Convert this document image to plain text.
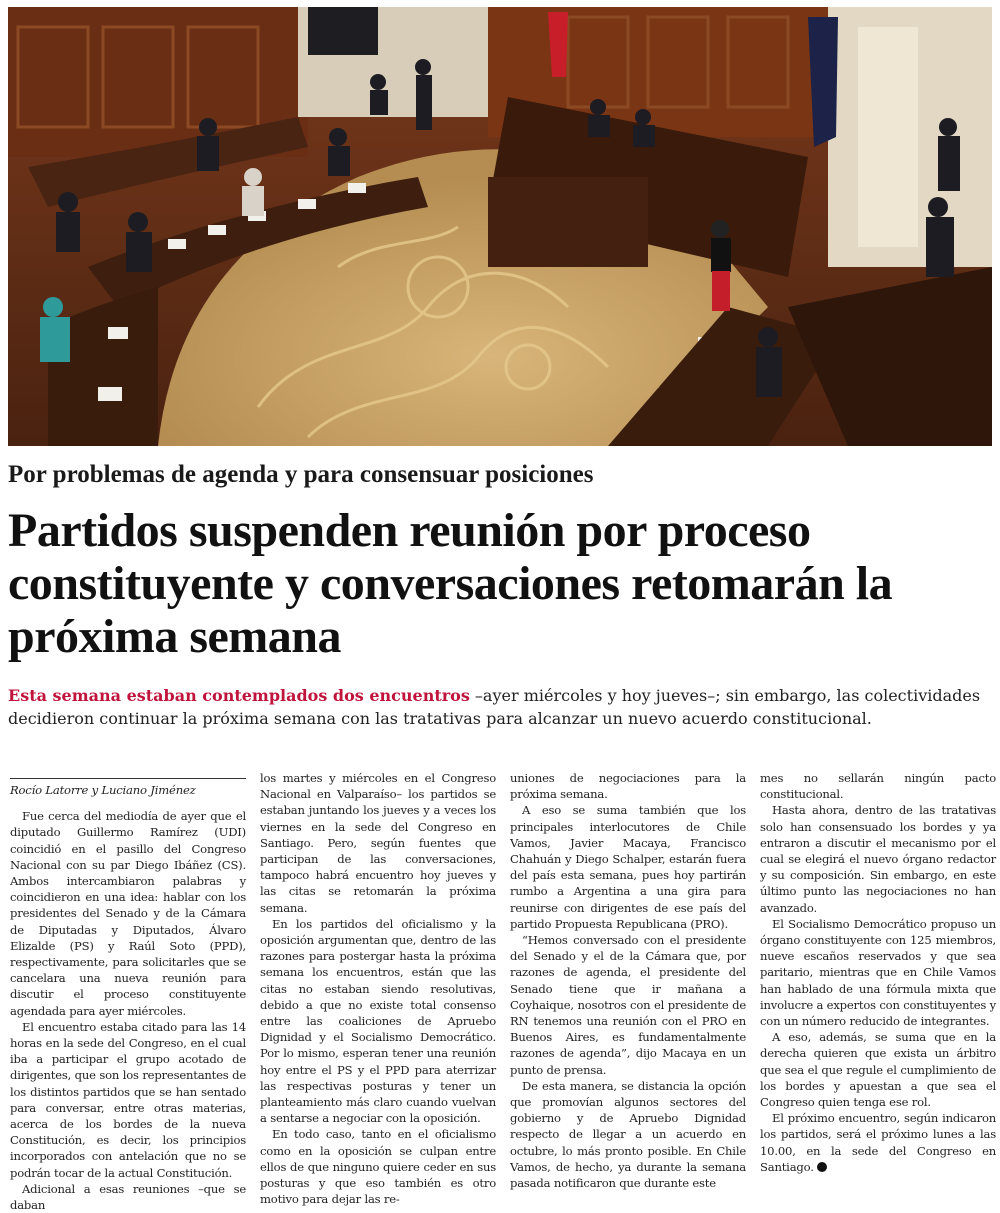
Por problemas de agenda y para consensuar posiciones
Partidos suspenden reunión por proceso constituyente y conversaciones retomarán la próxima semana
Esta semana estaban contemplados dos encuentros –ayer miércoles y hoy jueves–; sin embargo, las colectividades decidieron continuar la próxima semana con las tratativas para alcanzar un nuevo acuerdo constitucional.

Rocío Latorre y Luciano Jiménez

Fue cerca del mediodía de ayer que el diputado Guillermo Ramírez (UDI) coincidió en el pasillo del Congreso Nacional con su par Diego Ibáñez (CS). Ambos intercambiaron palabras y coincidieron en una idea: hablar con los presidentes del Senado y de la Cámara de Diputadas y Diputados, Álvaro Elizalde (PS) y Raúl Soto (PPD), respectivamente, para solicitarles que se cancelara una nueva reunión para discutir el proceso constituyente agendada para ayer miércoles.

El encuentro estaba citado para las 14 horas en la sede del Congreso, en el cual iba a participar el grupo acotado de dirigentes, que son los representantes de los distintos partidos que se han sentado para conversar, entre otras materias, acerca de los bordes de la nueva Constitución, es decir, los principios incorporados con antelación que no se podrán tocar de la actual Constitución.

Adicional a esas reuniones –que se daban

los martes y miércoles en el Congreso Nacional en Valparaíso– los partidos se estaban juntando los jueves y a veces los viernes en la sede del Congreso en Santiago. Pero, según fuentes que participan de las conversaciones, tampoco habrá encuentro hoy jueves y las citas se retomarán la próxima semana.

En los partidos del oficialismo y la oposición argumentan que, dentro de las razones para postergar hasta la próxima semana los encuentros, están que las citas no estaban siendo resolutivas, debido a que no existe total consenso entre las coaliciones de Apruebo Dignidad y el Socialismo Democrático. Por lo mismo, esperan tener una reunión hoy entre el PS y el PPD para aterrizar las respectivas posturas y tener un planteamiento más claro cuando vuelvan a sentarse a negociar con la oposición.

En todo caso, tanto en el oficialismo como en la oposición se culpan entre ellos de que ninguno quiere ceder en sus posturas y que eso también es otro motivo para dejar las re-

uniones de negociaciones para la próxima semana.

A eso se suma también que los principales interlocutores de Chile Vamos, Javier Macaya, Francisco Chahuán y Diego Schalper, estarán fuera del país esta semana, pues hoy partirán rumbo a Argentina a una gira para reunirse con dirigentes de ese país del partido Propuesta Republicana (PRO).

“Hemos conversado con el presidente del Senado y el de la Cámara que, por razones de agenda, el presidente del Senado tiene que ir mañana a Coyhaique, nosotros con el presidente de RN tenemos una reunión con el PRO en Buenos Aires, es fundamentalmente razones de agenda”, dijo Macaya en un punto de prensa.

De esta manera, se distancia la opción que promovían algunos sectores del gobierno y de Apruebo Dignidad respecto de llegar a un acuerdo en octubre, lo más pronto posible. En Chile Vamos, de hecho, ya durante la semana pasada notificaron que durante este

mes no sellarán ningún pacto constitucional.

Hasta ahora, dentro de las tratativas solo han consensuado los bordes y ya entraron a discutir el mecanismo por el cual se elegirá el nuevo órgano redactor y su composición. Sin embargo, en este último punto las negociaciones no han avanzado.

El Socialismo Democrático propuso un órgano constituyente con 125 miembros, nueve escaños reservados y que sea paritario, mientras que en Chile Vamos han hablado de una fórmula mixta que involucre a expertos con constituyentes y con un número reducido de integrantes.

A eso, además, se suma que en la derecha quieren que exista un árbitro que sea el que regule el cumplimiento de los bordes y apuestan a que sea el Congreso quien tenga ese rol.

El próximo encuentro, según indicaron los partidos, será el próximo lunes a las 10.00, en la sede del Congreso en Santiago.
